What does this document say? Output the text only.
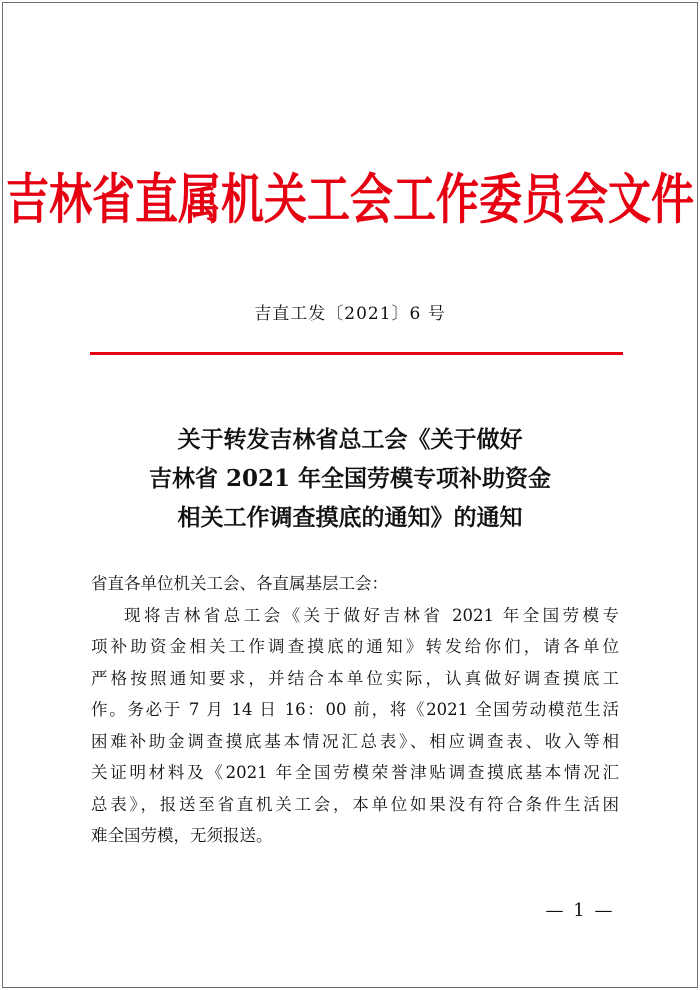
吉林省直属机关工会工作委员会文件
吉直工发〔2021〕6 号
关于转发吉林省总工会《关于做好
吉林省 2021 年全国劳模专项补助资金
相关工作调查摸底的通知》的通知
省直各单位机关工会、各直属基层工会：
现将吉林省总工会《关于做好吉林省 2021 年全国劳模专
项补助资金相关工作调查摸底的通知》转发给你们，请各单位
严格按照通知要求，并结合本单位实际，认真做好调查摸底工
作。务必于 7 月 14 日 16：00 前，将《2021 全国劳动模范生活
困难补助金调查摸底基本情况汇总表》、相应调查表、收入等相
关证明材料及《2021 年全国劳模荣誉津贴调查摸底基本情况汇
总表》，报送至省直机关工会，本单位如果没有符合条件生活困
难全国劳模，无须报送。
— 1 —
